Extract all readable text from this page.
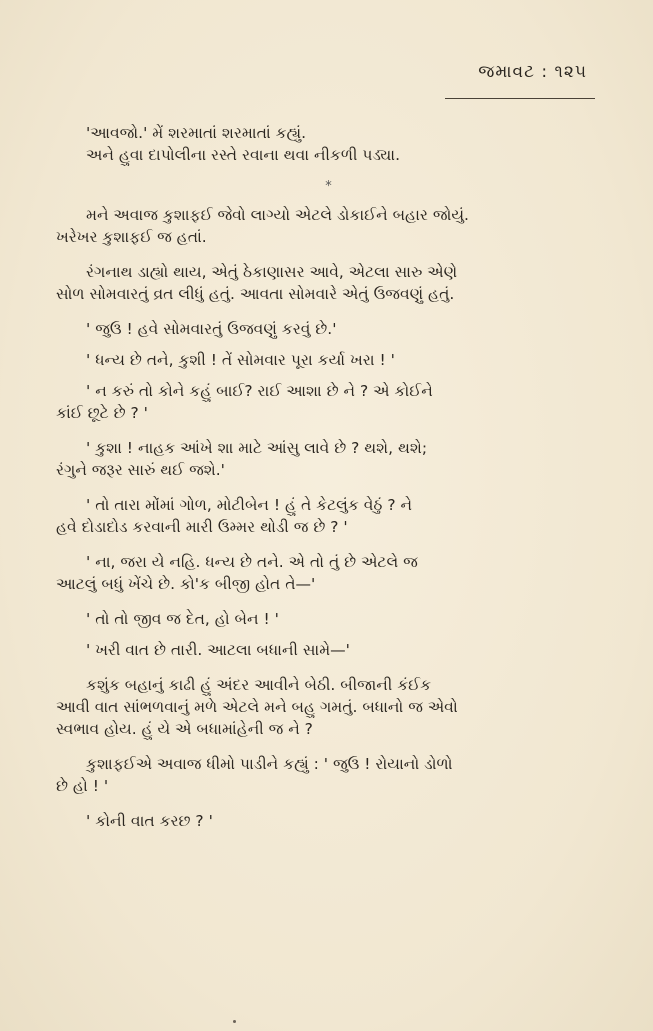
જમાવટ : ૧૨૫
'આવજો.' મેં શરમાતાં શરમાતાં કહ્યું.
અને હુવા દાપોલીના રસ્તે રવાના થવા નીકળી પડ્યા.
*
મને અવાજ કુશાફઈ જેવો લાગ્યો એટલે ડોકાઈને બહાર જોયું.
ખરેખર કુશાફઈ જ હતાં.
રંગનાથ ડાહ્યો થાય, એતું ઠેકાણાસર આવે, એટલા સારુ એણે
સોળ સોમવારતું વ્રત લીધું હતું. આવતા સોમવારે એતું ઉજવણું હતું.
' જુઉ ! હવે સોમવારતું ઉજવણું કરવું છે.'
' ધન્ય છે તને, કુશી ! તેં સોમવાર પૂરા કર્યા ખરા ! '
' ન કરું તો કોને કહું બાઈ? રાઈ આશા છે ને ? એ કોઈને
કાંઈ છૂટે છે ? '
' કુશા ! નાહક આંખે શા માટે આંસુ લાવે છે ? થશે, થશે;
રંગુને જરૂર સારું થઈ જશે.'
' તો તારા મોંમાં ગોળ, મોટીબેન ! હું તે કેટલુંક વેઠું ? ને
હવે દોડાદોડ કરવાની મારી ઉમ્મર થોડી જ છે ? '
' ના, જરા યે નહિ. ધન્ય છે તને. એ તો તું છે એટલે જ
આટલું બધું ખેંચે છે. કો'ક બીજી હોત તે—'
' તો તો જીવ જ દેત, હો બેન ! '
' ખરી વાત છે તારી. આટલા બધાની સામે—'
કશુંક બહાનું કાઢી હું અંદર આવીને બેઠી. બીજાની કંઈક
આવી વાત સાંભળવાનું મળે એટલે મને બહુ ગમતું. બધાનો જ એવો
સ્વભાવ હોય. હું યે એ બધામાંહેની જ ને ?
કુશાફઈએ અવાજ ધીમો પાડીને કહ્યું : ' જુઉ ! રોયાનો ડોળો
છે હો ! '
' કોની વાત કરછ ? '
